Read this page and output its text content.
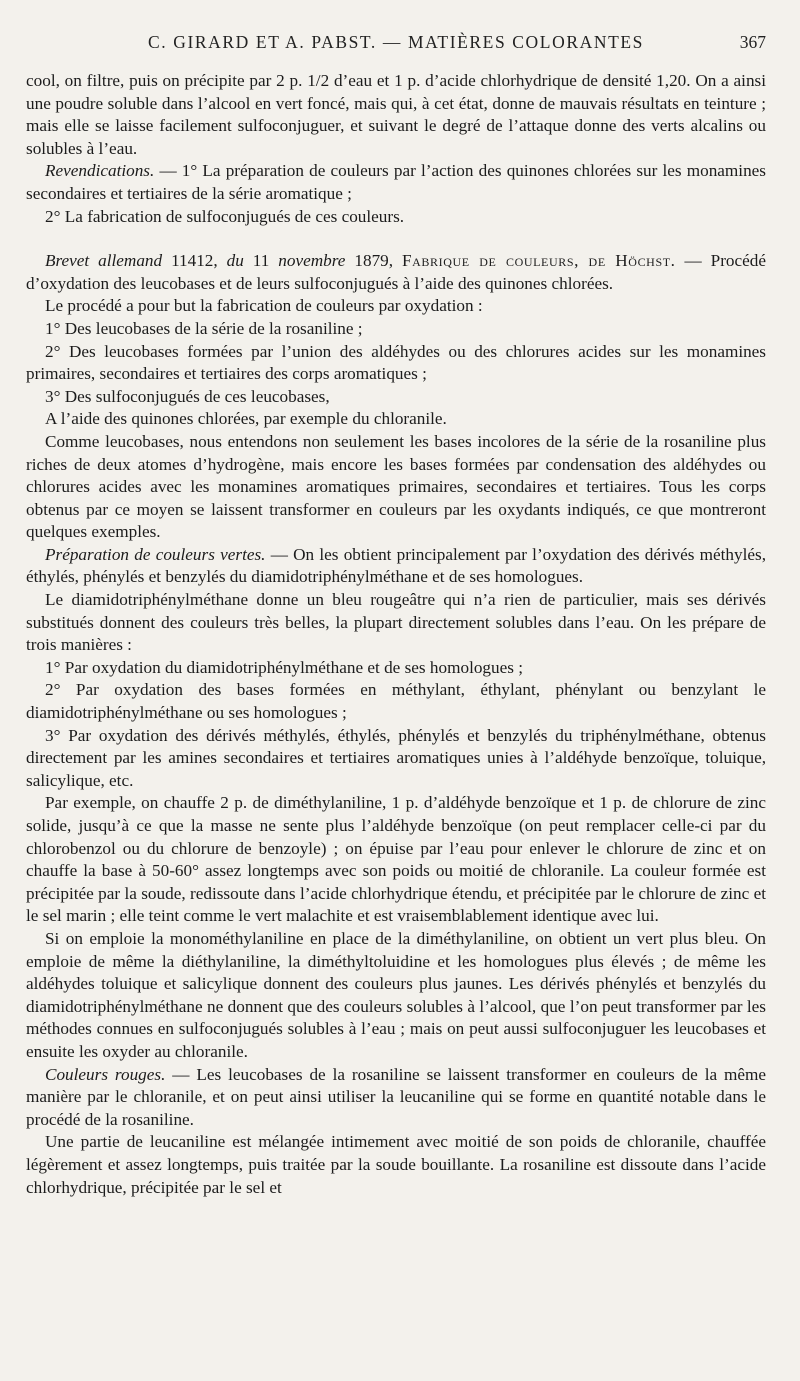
C. GIRARD ET A. PABST. — MATIÈRES COLORANTES	367

cool, on filtre, puis on précipite par 2 p. 1/2 d’eau et 1 p. d’acide chlorhydrique de densité 1,20. On a ainsi une poudre soluble dans l’alcool en vert foncé, mais qui, à cet état, donne de mauvais résultats en teinture ; mais elle se laisse facilement sulfoconjuguer, et suivant le degré de l’attaque donne des verts alcalins ou solubles à l’eau.

Revendications. — 1° La préparation de couleurs par l’action des quinones chlorées sur les monamines secondaires et tertiaires de la série aromatique ;

2° La fabrication de sulfoconjugués de ces couleurs.

Brevet allemand 11412, du 11 novembre 1879, Fabrique de couleurs, de Höchst. — Procédé d’oxydation des leucobases et de leurs sulfoconjugués à l’aide des quinones chlorées.

Le procédé a pour but la fabrication de couleurs par oxydation :

1° Des leucobases de la série de la rosaniline ;

2° Des leucobases formées par l’union des aldéhydes ou des chlorures acides sur les monamines primaires, secondaires et tertiaires des corps aromatiques ;

3° Des sulfoconjugués de ces leucobases,

A l’aide des quinones chlorées, par exemple du chloranile.

Comme leucobases, nous entendons non seulement les bases incolores de la série de la rosaniline plus riches de deux atomes d’hydrogène, mais encore les bases formées par condensation des aldéhydes ou chlorures acides avec les monamines aromatiques primaires, secondaires et tertiaires. Tous les corps obtenus par ce moyen se laissent transformer en couleurs par les oxydants indiqués, ce que montreront quelques exemples.

Préparation de couleurs vertes. — On les obtient principalement par l’oxydation des dérivés méthylés, éthylés, phénylés et benzylés du diamidotriphénylméthane et de ses homologues.

Le diamidotriphénylméthane donne un bleu rougeâtre qui n’a rien de particulier, mais ses dérivés substitués donnent des couleurs très belles, la plupart directement solubles dans l’eau. On les prépare de trois manières :

1° Par oxydation du diamidotriphénylméthane et de ses homologues ;

2° Par oxydation des bases formées en méthylant, éthylant, phénylant ou benzylant le diamidotriphénylméthane ou ses homologues ;

3° Par oxydation des dérivés méthylés, éthylés, phénylés et benzylés du triphénylméthane, obtenus directement par les amines secondaires et tertiaires aromatiques unies à l’aldéhyde benzoïque, toluique, salicylique, etc.

Par exemple, on chauffe 2 p. de diméthylaniline, 1 p. d’aldéhyde benzoïque et 1 p. de chlorure de zinc solide, jusqu’à ce que la masse ne sente plus l’aldéhyde benzoïque (on peut remplacer celle-ci par du chlorobenzol ou du chlorure de benzoyle) ; on épuise par l’eau pour enlever le chlorure de zinc et on chauffe la base à 50-60° assez longtemps avec son poids ou moitié de chloranile. La couleur formée est précipitée par la soude, redissoute dans l’acide chlorhydrique étendu, et précipitée par le chlorure de zinc et le sel marin ; elle teint comme le vert malachite et est vraisemblablement identique avec lui.

Si on emploie la monométhylaniline en place de la diméthylaniline, on obtient un vert plus bleu. On emploie de même la diéthylaniline, la diméthyltoluidine et les homologues plus élevés ; de même les aldéhydes toluique et salicylique donnent des couleurs plus jaunes. Les dérivés phénylés et benzylés du diamidotriphénylméthane ne donnent que des couleurs solubles à l’alcool, que l’on peut transformer par les méthodes connues en sulfoconjugués solubles à l’eau ; mais on peut aussi sulfoconjuguer les leucobases et ensuite les oxyder au chloranile.

Couleurs rouges. — Les leucobases de la rosaniline se laissent transformer en couleurs de la même manière par le chloranile, et on peut ainsi utiliser la leucaniline qui se forme en quantité notable dans le procédé de la rosaniline.

Une partie de leucaniline est mélangée intimement avec moitié de son poids de chloranile, chauffée légèrement et assez longtemps, puis traitée par la soude bouillante. La rosaniline est dissoute dans l’acide chlorhydrique, précipitée par le sel et
